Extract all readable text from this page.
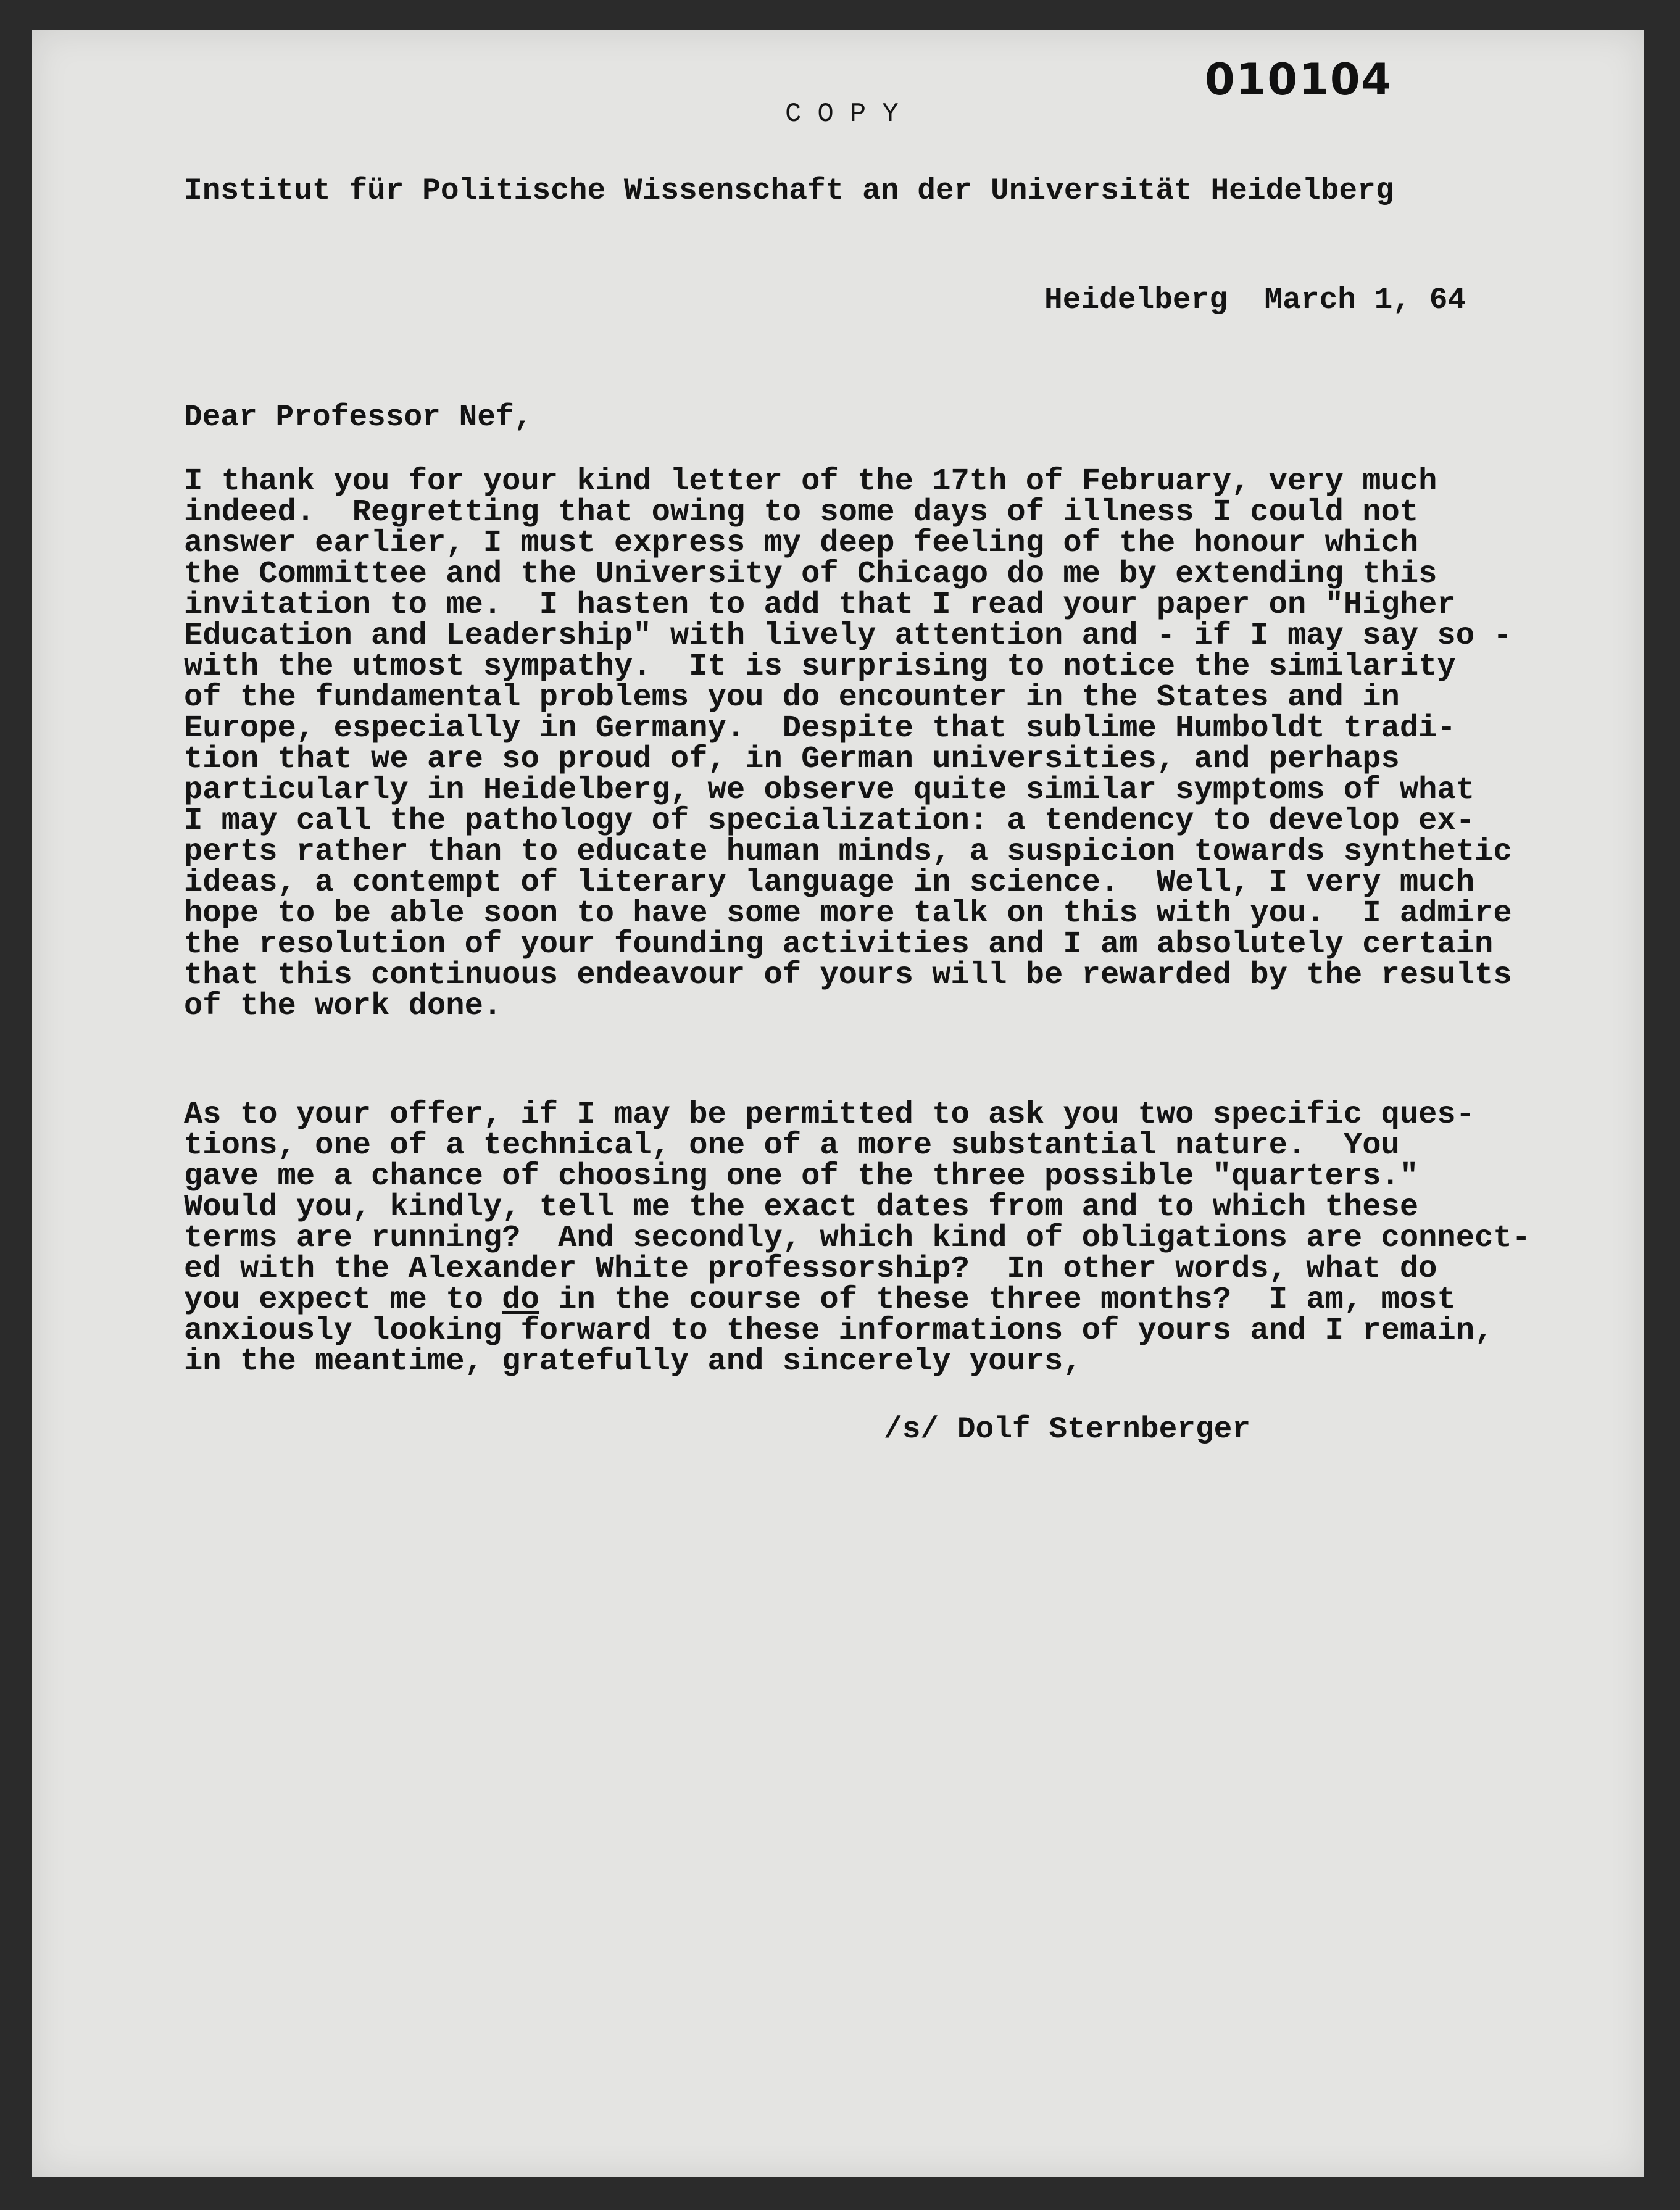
010104
COPY
Institut für Politische Wissenschaft an der Universität Heidelberg
Heidelberg  March 1, 64
Dear Professor Nef,
I thank you for your kind letter of the 17th of February, very much
indeed.  Regretting that owing to some days of illness I could not
answer earlier, I must express my deep feeling of the honour which
the Committee and the University of Chicago do me by extending this
invitation to me.  I hasten to add that I read your paper on "Higher
Education and Leadership" with lively attention and - if I may say so -
with the utmost sympathy.  It is surprising to notice the similarity
of the fundamental problems you do encounter in the States and in
Europe, especially in Germany.  Despite that sublime Humboldt tradi-
tion that we are so proud of, in German universities, and perhaps
particularly in Heidelberg, we observe quite similar symptoms of what
I may call the pathology of specialization: a tendency to develop ex-
perts rather than to educate human minds, a suspicion towards synthetic
ideas, a contempt of literary language in science.  Well, I very much
hope to be able soon to have some more talk on this with you.  I admire
the resolution of your founding activities and I am absolutely certain
that this continuous endeavour of yours will be rewarded by the results
of the work done.
As to your offer, if I may be permitted to ask you two specific ques-
tions, one of a technical, one of a more substantial nature.  You
gave me a chance of choosing one of the three possible "quarters."
Would you, kindly, tell me the exact dates from and to which these
terms are running?  And secondly, which kind of obligations are connect-
ed with the Alexander White professorship?  In other words, what do
you expect me to do in the course of these three months?  I am, most
anxiously looking forward to these informations of yours and I remain,
in the meantime, gratefully and sincerely yours,
/s/ Dolf Sternberger
